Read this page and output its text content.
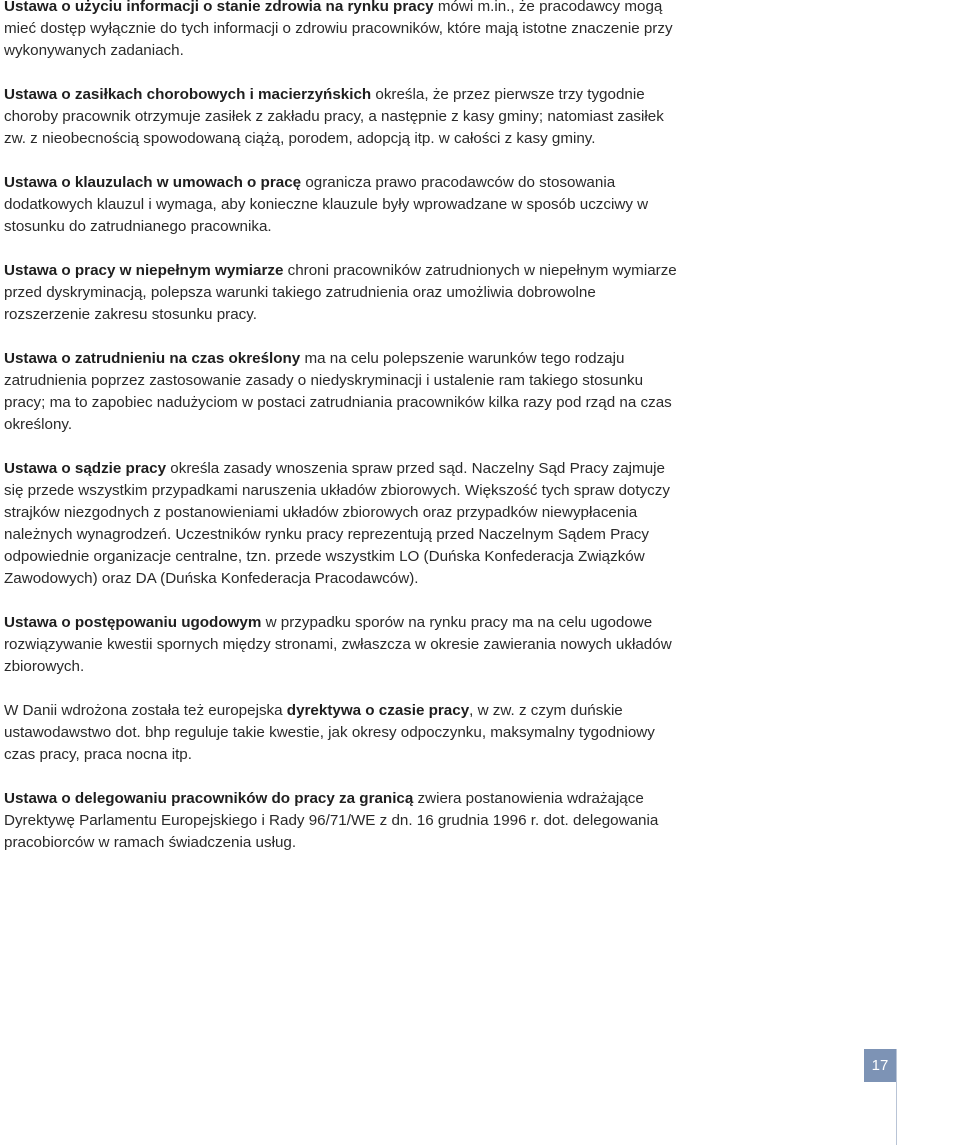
Ustawa o użyciu informacji o stanie zdrowia na rynku pracy mówi m.in., że pracodawcy mogą mieć dostęp wyłącznie do tych informacji o zdrowiu pracowników, które mają istotne znaczenie przy wykonywanych zadaniach.

Ustawa o zasiłkach chorobowych i macierzyńskich określa, że przez pierwsze trzy tygodnie choroby pracownik otrzymuje zasiłek z zakładu pracy, a następnie z kasy gminy; natomiast zasiłek zw. z nieobecnością spowodowaną ciążą, porodem, adopcją itp. w całości z kasy gminy.

Ustawa o klauzulach w umowach o pracę ogranicza prawo pracodawców do stosowania dodatkowych klauzul i wymaga, aby konieczne klauzule były wprowadzane w sposób uczciwy w stosunku do zatrudnianego pracownika.

Ustawa o pracy w niepełnym wymiarze chroni pracowników zatrudnionych w niepełnym wymiarze przed dyskryminacją, polepsza warunki takiego zatrudnienia oraz umożliwia dobrowolne rozszerzenie zakresu stosunku pracy.

Ustawa o zatrudnieniu na czas określony ma na celu polepszenie warunków tego rodzaju zatrudnienia poprzez zastosowanie zasady o niedyskryminacji i ustalenie ram takiego stosunku pracy; ma to zapobiec nadużyciom w postaci zatrudniania pracowników kilka razy pod rząd na czas określony.

Ustawa o sądzie pracy określa zasady wnoszenia spraw przed sąd. Naczelny Sąd Pracy zajmuje się przede wszystkim przypadkami naruszenia układów zbiorowych. Większość tych spraw dotyczy strajków niezgodnych z postanowieniami układów zbiorowych oraz przypadków niewypłacenia należnych wynagrodzeń. Uczestników rynku pracy reprezentują przed Naczelnym Sądem Pracy odpowiednie organizacje centralne, tzn. przede wszystkim LO (Duńska Konfederacja Związków Zawodowych) oraz DA (Duńska Konfederacja Pracodawców).

Ustawa o postępowaniu ugodowym w przypadku sporów na rynku pracy ma na celu ugodowe rozwiązywanie kwestii spornych między stronami, zwłaszcza w okresie zawierania nowych układów zbiorowych.

W Danii wdrożona została też europejska dyrektywa o czasie pracy, w zw. z czym duńskie ustawodawstwo dot. bhp reguluje takie kwestie, jak okresy odpoczynku, maksymalny tygodniowy czas pracy, praca nocna itp.

Ustawa o delegowaniu pracowników do pracy za granicą zwiera postanowienia wdrażające Dyrektywę Parlamentu Europejskiego i Rady 96/71/WE z dn. 16 grudnia 1996 r. dot. delegowania pracobiorców w ramach świadczenia usług.

17
